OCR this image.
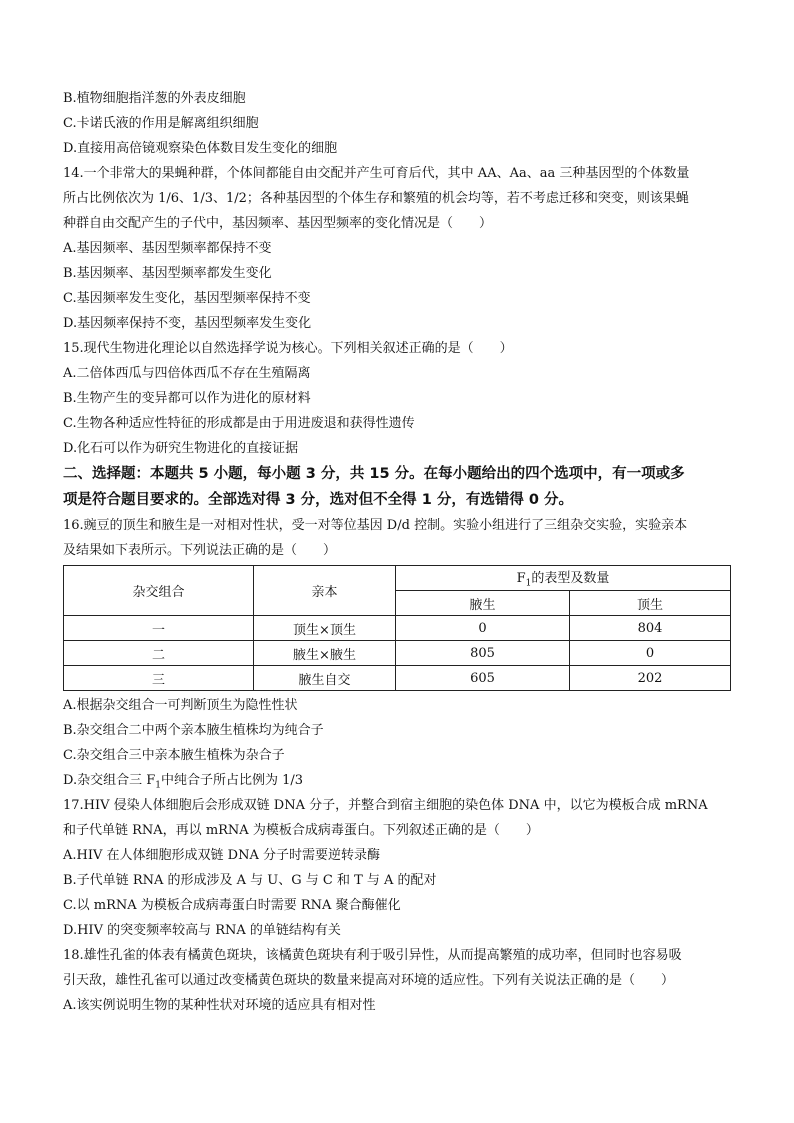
B.植物细胞指洋葱的外表皮细胞
C.卡诺氏液的作用是解离组织细胞
D.直接用高倍镜观察染色体数目发生变化的细胞
14.一个非常大的果蝇种群，个体间都能自由交配并产生可育后代，其中 AA、Aa、aa 三种基因型的个体数量
所占比例依次为 1/6、1/3、1/2；各种基因型的个体生存和繁殖的机会均等，若不考虑迁移和突变，则该果蝇
种群自由交配产生的子代中，基因频率、基因型频率的变化情况是（　　）
A.基因频率、基因型频率都保持不变
B.基因频率、基因型频率都发生变化
C.基因频率发生变化，基因型频率保持不变
D.基因频率保持不变，基因型频率发生变化
15.现代生物进化理论以自然选择学说为核心。下列相关叙述正确的是（　　）
A.二倍体西瓜与四倍体西瓜不存在生殖隔离
B.生物产生的变异都可以作为进化的原材料
C.生物各种适应性特征的形成都是由于用进废退和获得性遗传
D.化石可以作为研究生物进化的直接证据
二、选择题：本题共 5 小题，每小题 3 分，共 15 分。在每小题给出的四个选项中，有一项或多
项是符合题目要求的。全部选对得 3 分，选对但不全得 1 分，有选错得 0 分。
16.豌豆的顶生和腋生是一对相对性状，受一对等位基因 D/d 控制。实验小组进行了三组杂交实验，实验亲本
及结果如下表所示。下列说法正确的是（　　）
杂交组合	亲本	$F_1$的表型及数量	
		腋生	顶生
一	顶生×顶生	0	804
二	腋生×腋生	805	0
三	腋生自交	605	202
A.根据杂交组合一可判断顶生为隐性性状
B.杂交组合二中两个亲本腋生植株均为纯合子
C.杂交组合三中亲本腋生植株为杂合子
D.杂交组合三 $F_1$中纯合子所占比例为 1/3
17.HIV 侵染人体细胞后会形成双链 DNA 分子，并整合到宿主细胞的染色体 DNA 中，以它为模板合成 mRNA
和子代单链 RNA，再以 mRNA 为模板合成病毒蛋白。下列叙述正确的是（　　）
A.HIV 在人体细胞形成双链 DNA 分子时需要逆转录酶
B.子代单链 RNA 的形成涉及 A 与 U、G 与 C 和 T 与 A 的配对
C.以 mRNA 为模板合成病毒蛋白时需要 RNA 聚合酶催化
D.HIV 的突变频率较高与 RNA 的单链结构有关
18.雄性孔雀的体表有橘黄色斑块，该橘黄色斑块有利于吸引异性，从而提高繁殖的成功率，但同时也容易吸
引天敌，雄性孔雀可以通过改变橘黄色斑块的数量来提高对环境的适应性。下列有关说法正确的是（　　）
A.该实例说明生物的某种性状对环境的适应具有相对性
